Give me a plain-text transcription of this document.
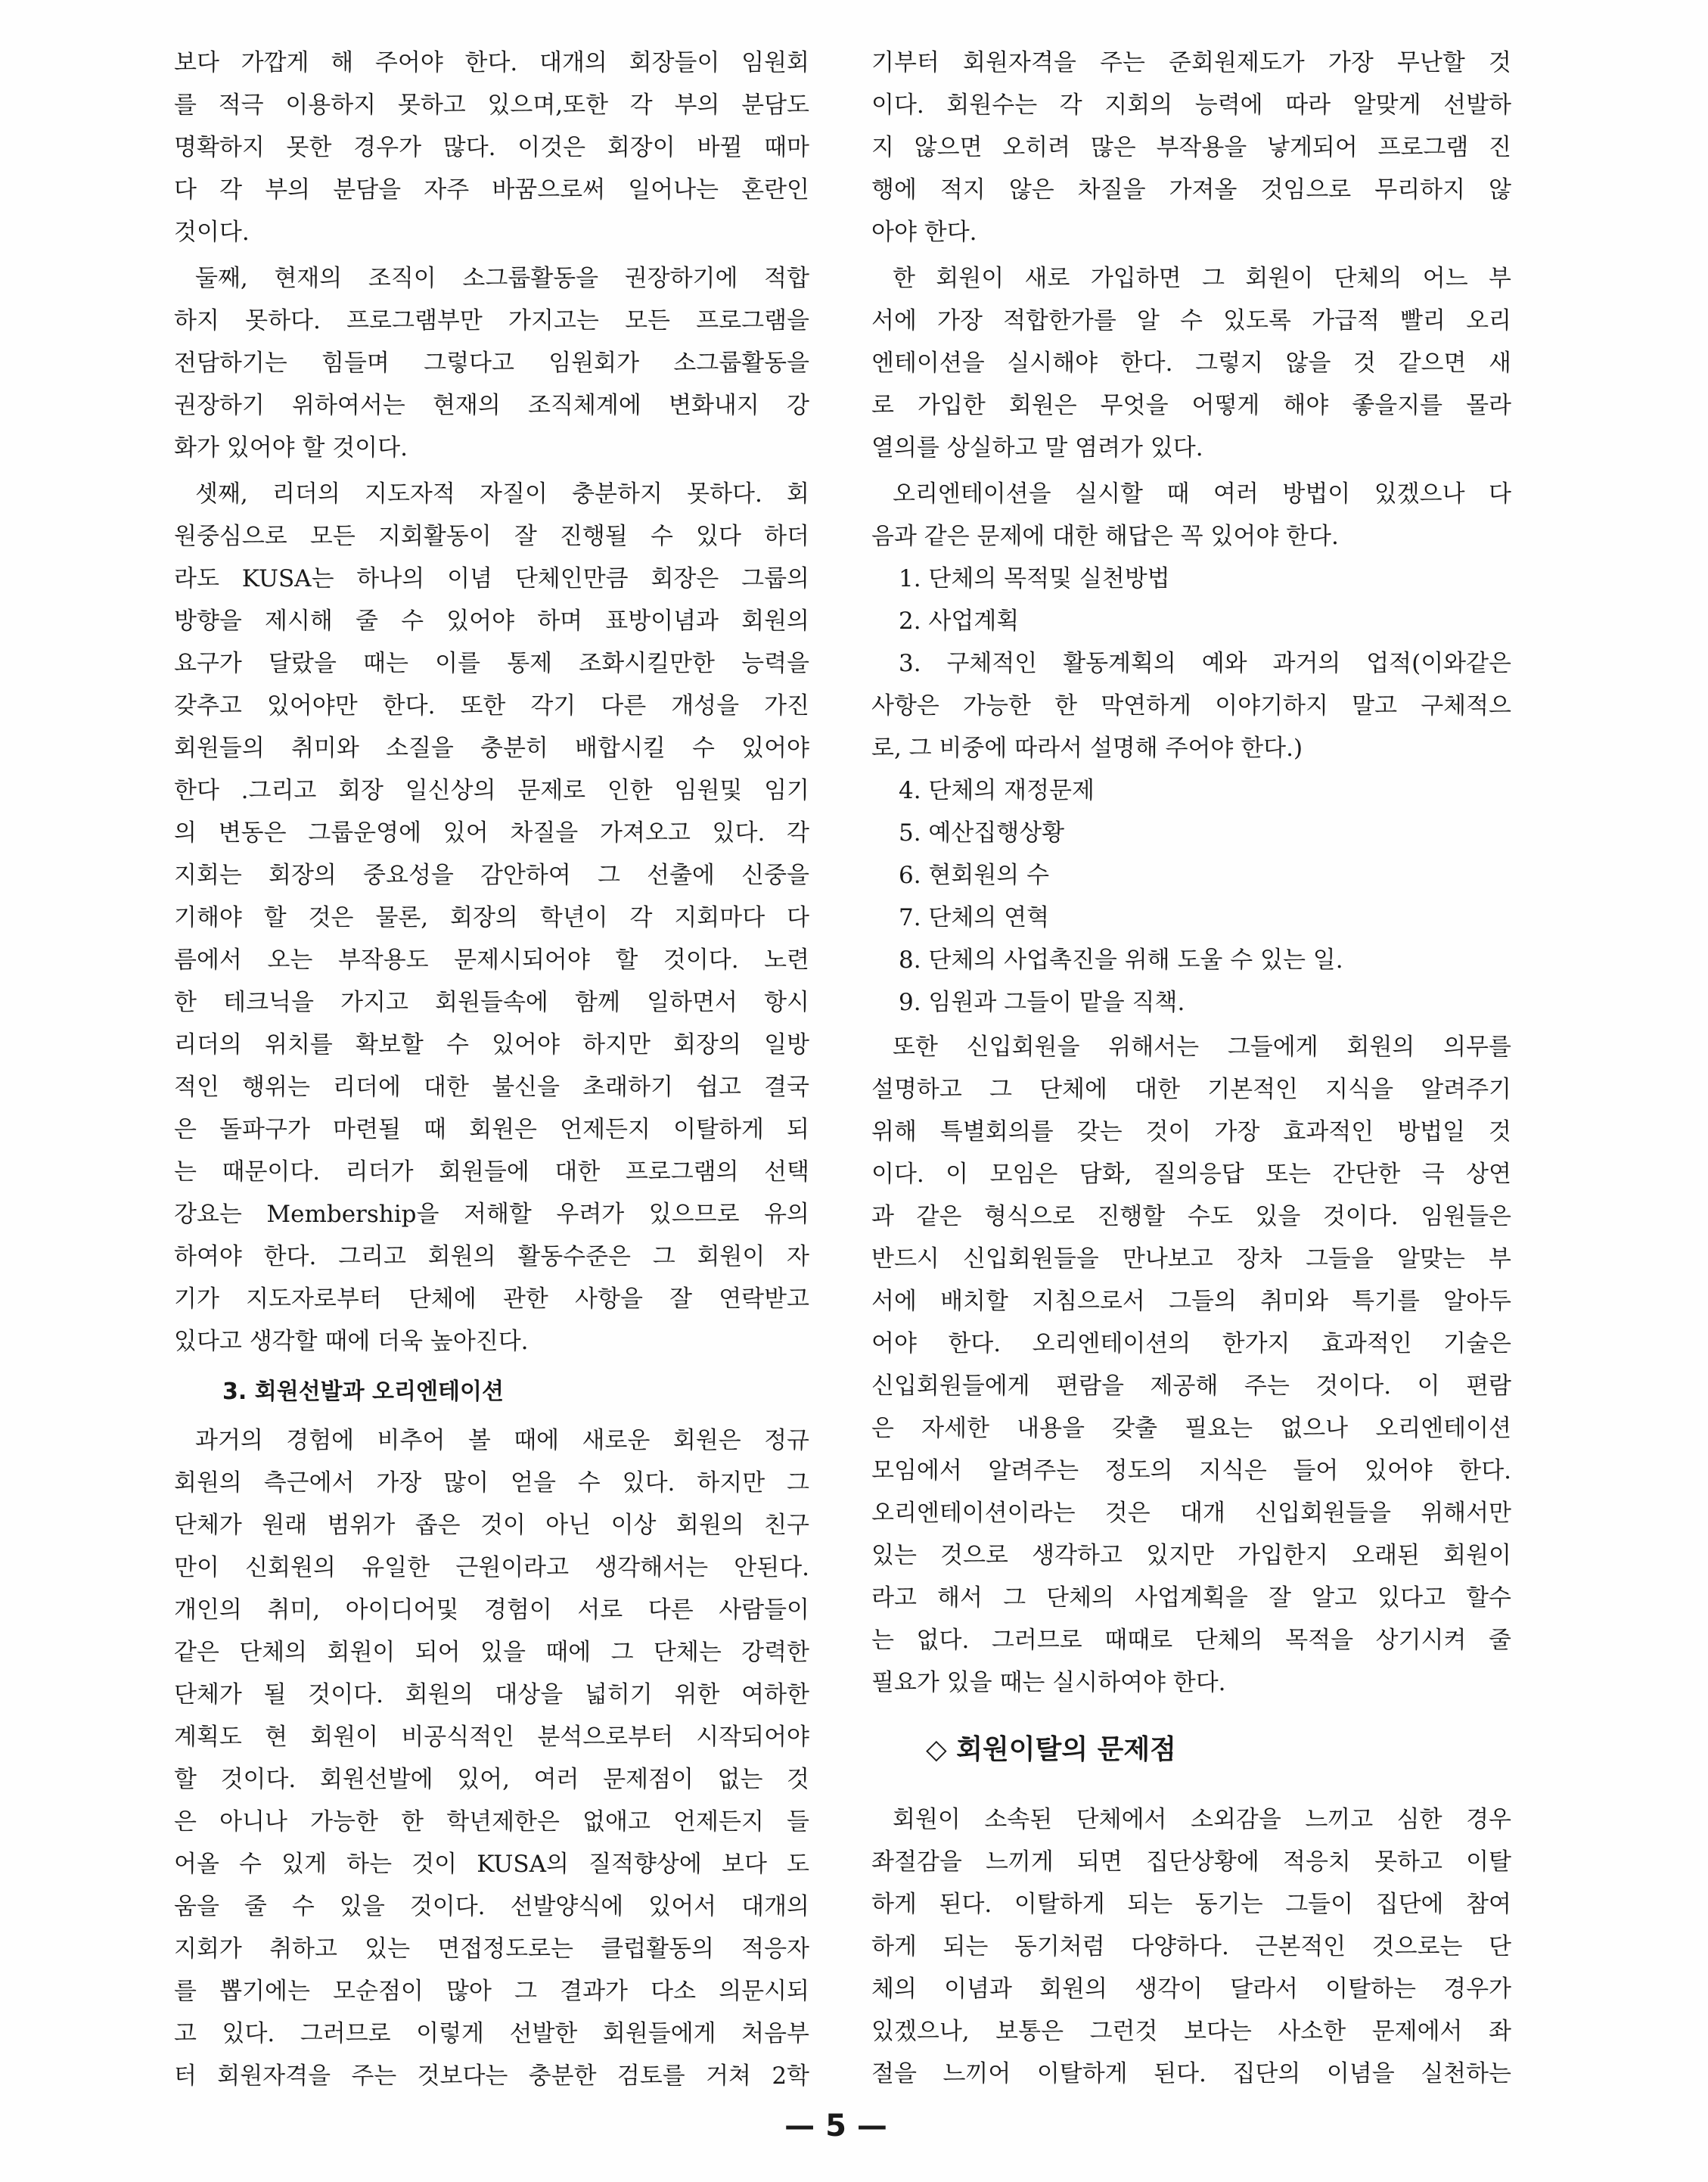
보다 가깝게 해 주어야 한다. 대개의 회장들이 임원회
를 적극 이용하지 못하고 있으며,또한 각 부의 분담도
명확하지 못한 경우가 많다. 이것은 회장이 바뀔 때마
다 각 부의 분담을 자주 바꿈으로써 일어나는 혼란인
것이다.
둘째, 현재의 조직이 소그룹활동을 권장하기에 적합
하지 못하다. 프로그램부만 가지고는 모든 프로그램을
전담하기는 힘들며 그렇다고 임원회가 소그룹활동을
권장하기 위하여서는 현재의 조직체계에 변화내지 강
화가 있어야 할 것이다.
셋째, 리더의 지도자적 자질이 충분하지 못하다. 회
원중심으로 모든 지회활동이 잘 진행될 수 있다 하더
라도 KUSA는 하나의 이념 단체인만큼 회장은 그룹의
방향을 제시해 줄 수 있어야 하며 표방이념과 회원의
요구가 달랐을 때는 이를 통제 조화시킬만한 능력을
갖추고 있어야만 한다. 또한 각기 다른 개성을 가진
회원들의 취미와 소질을 충분히 배합시킬 수 있어야
한다 .그리고 회장 일신상의 문제로 인한 임원및 임기
의 변동은 그룹운영에 있어 차질을 가져오고 있다. 각
지회는 회장의 중요성을 감안하여 그 선출에 신중을
기해야 할 것은 물론, 회장의 학년이 각 지회마다 다
름에서 오는 부작용도 문제시되어야 할 것이다. 노련
한 테크닉을 가지고 회원들속에 함께 일하면서 항시
리더의 위치를 확보할 수 있어야 하지만 회장의 일방
적인 행위는 리더에 대한 불신을 초래하기 쉽고 결국
은 돌파구가 마련될 때 회원은 언제든지 이탈하게 되
는 때문이다. 리더가 회원들에 대한 프로그램의 선택
강요는 Membership을 저해할 우려가 있으므로 유의
하여야 한다. 그리고 회원의 활동수준은 그 회원이 자
기가 지도자로부터 단체에 관한 사항을 잘 연락받고
있다고 생각할 때에 더욱 높아진다.
3. 회원선발과 오리엔테이션
과거의 경험에 비추어 볼 때에 새로운 회원은 정규
회원의 측근에서 가장 많이 얻을 수 있다. 하지만 그
단체가 원래 범위가 좁은 것이 아닌 이상 회원의 친구
만이 신회원의 유일한 근원이라고 생각해서는 안된다.
개인의 취미, 아이디어및 경험이 서로 다른 사람들이
같은 단체의 회원이 되어 있을 때에 그 단체는 강력한
단체가 될 것이다. 회원의 대상을 넓히기 위한 여하한
계획도 현 회원이 비공식적인 분석으로부터 시작되어야
할 것이다. 회원선발에 있어, 여러 문제점이 없는 것
은 아니나 가능한 한 학년제한은 없애고 언제든지 들
어올 수 있게 하는 것이 KUSA의 질적향상에 보다 도
움을 줄 수 있을 것이다. 선발양식에 있어서 대개의
지회가 취하고 있는 면접정도로는 클럽활동의 적응자
를 뽑기에는 모순점이 많아 그 결과가 다소 의문시되
고 있다. 그러므로 이렇게 선발한 회원들에게 처음부
터 회원자격을 주는 것보다는 충분한 검토를 거쳐 2학
기부터 회원자격을 주는 준회원제도가 가장 무난할 것
이다. 회원수는 각 지회의 능력에 따라 알맞게 선발하
지 않으면 오히려 많은 부작용을 낳게되어 프로그램 진
행에 적지 않은 차질을 가져올 것임으로 무리하지 않
아야 한다.
한 회원이 새로 가입하면 그 회원이 단체의 어느 부
서에 가장 적합한가를 알 수 있도록 가급적 빨리 오리
엔테이션을 실시해야 한다. 그렇지 않을 것 같으면 새
로 가입한 회원은 무엇을 어떻게 해야 좋을지를 몰라
열의를 상실하고 말 염려가 있다.
오리엔테이션을 실시할 때 여러 방법이 있겠으나 다
음과 같은 문제에 대한 해답은 꼭 있어야 한다.
1. 단체의 목적및 실천방법
2. 사업계획
3. 구체적인 활동계획의 예와 과거의 업적(이와같은
사항은 가능한 한 막연하게 이야기하지 말고 구체적으
로, 그 비중에 따라서 설명해 주어야 한다.)
4. 단체의 재정문제
5. 예산집행상황
6. 현회원의 수
7. 단체의 연혁
8. 단체의 사업촉진을 위해 도울 수 있는 일.
9. 임원과 그들이 맡을 직책.
또한 신입회원을 위해서는 그들에게 회원의 의무를
설명하고 그 단체에 대한 기본적인 지식을 알려주기
위해 특별회의를 갖는 것이 가장 효과적인 방법일 것
이다. 이 모임은 담화, 질의응답 또는 간단한 극 상연
과 같은 형식으로 진행할 수도 있을 것이다. 임원들은
반드시 신입회원들을 만나보고 장차 그들을 알맞는 부
서에 배치할 지침으로서 그들의 취미와 특기를 알아두
어야 한다. 오리엔테이션의 한가지 효과적인 기술은
신입회원들에게 편람을 제공해 주는 것이다. 이 편람
은 자세한 내용을 갖출 필요는 없으나 오리엔테이션
모임에서 알려주는 정도의 지식은 들어 있어야 한다.
오리엔테이션이라는 것은 대개 신입회원들을 위해서만
있는 것으로 생각하고 있지만 가입한지 오래된 회원이
라고 해서 그 단체의 사업계획을 잘 알고 있다고 할수
는 없다. 그러므로 때때로 단체의 목적을 상기시켜 줄
필요가 있을 때는 실시하여야 한다.
◇ 회원이탈의 문제점
회원이 소속된 단체에서 소외감을 느끼고 심한 경우
좌절감을 느끼게 되면 집단상황에 적응치 못하고 이탈
하게 된다. 이탈하게 되는 동기는 그들이 집단에 참여
하게 되는 동기처럼 다양하다. 근본적인 것으로는 단
체의 이념과 회원의 생각이 달라서 이탈하는 경우가
있겠으나, 보통은 그런것 보다는 사소한 문제에서 좌
절을 느끼어 이탈하게 된다. 집단의 이념을 실천하는
— 5 —
